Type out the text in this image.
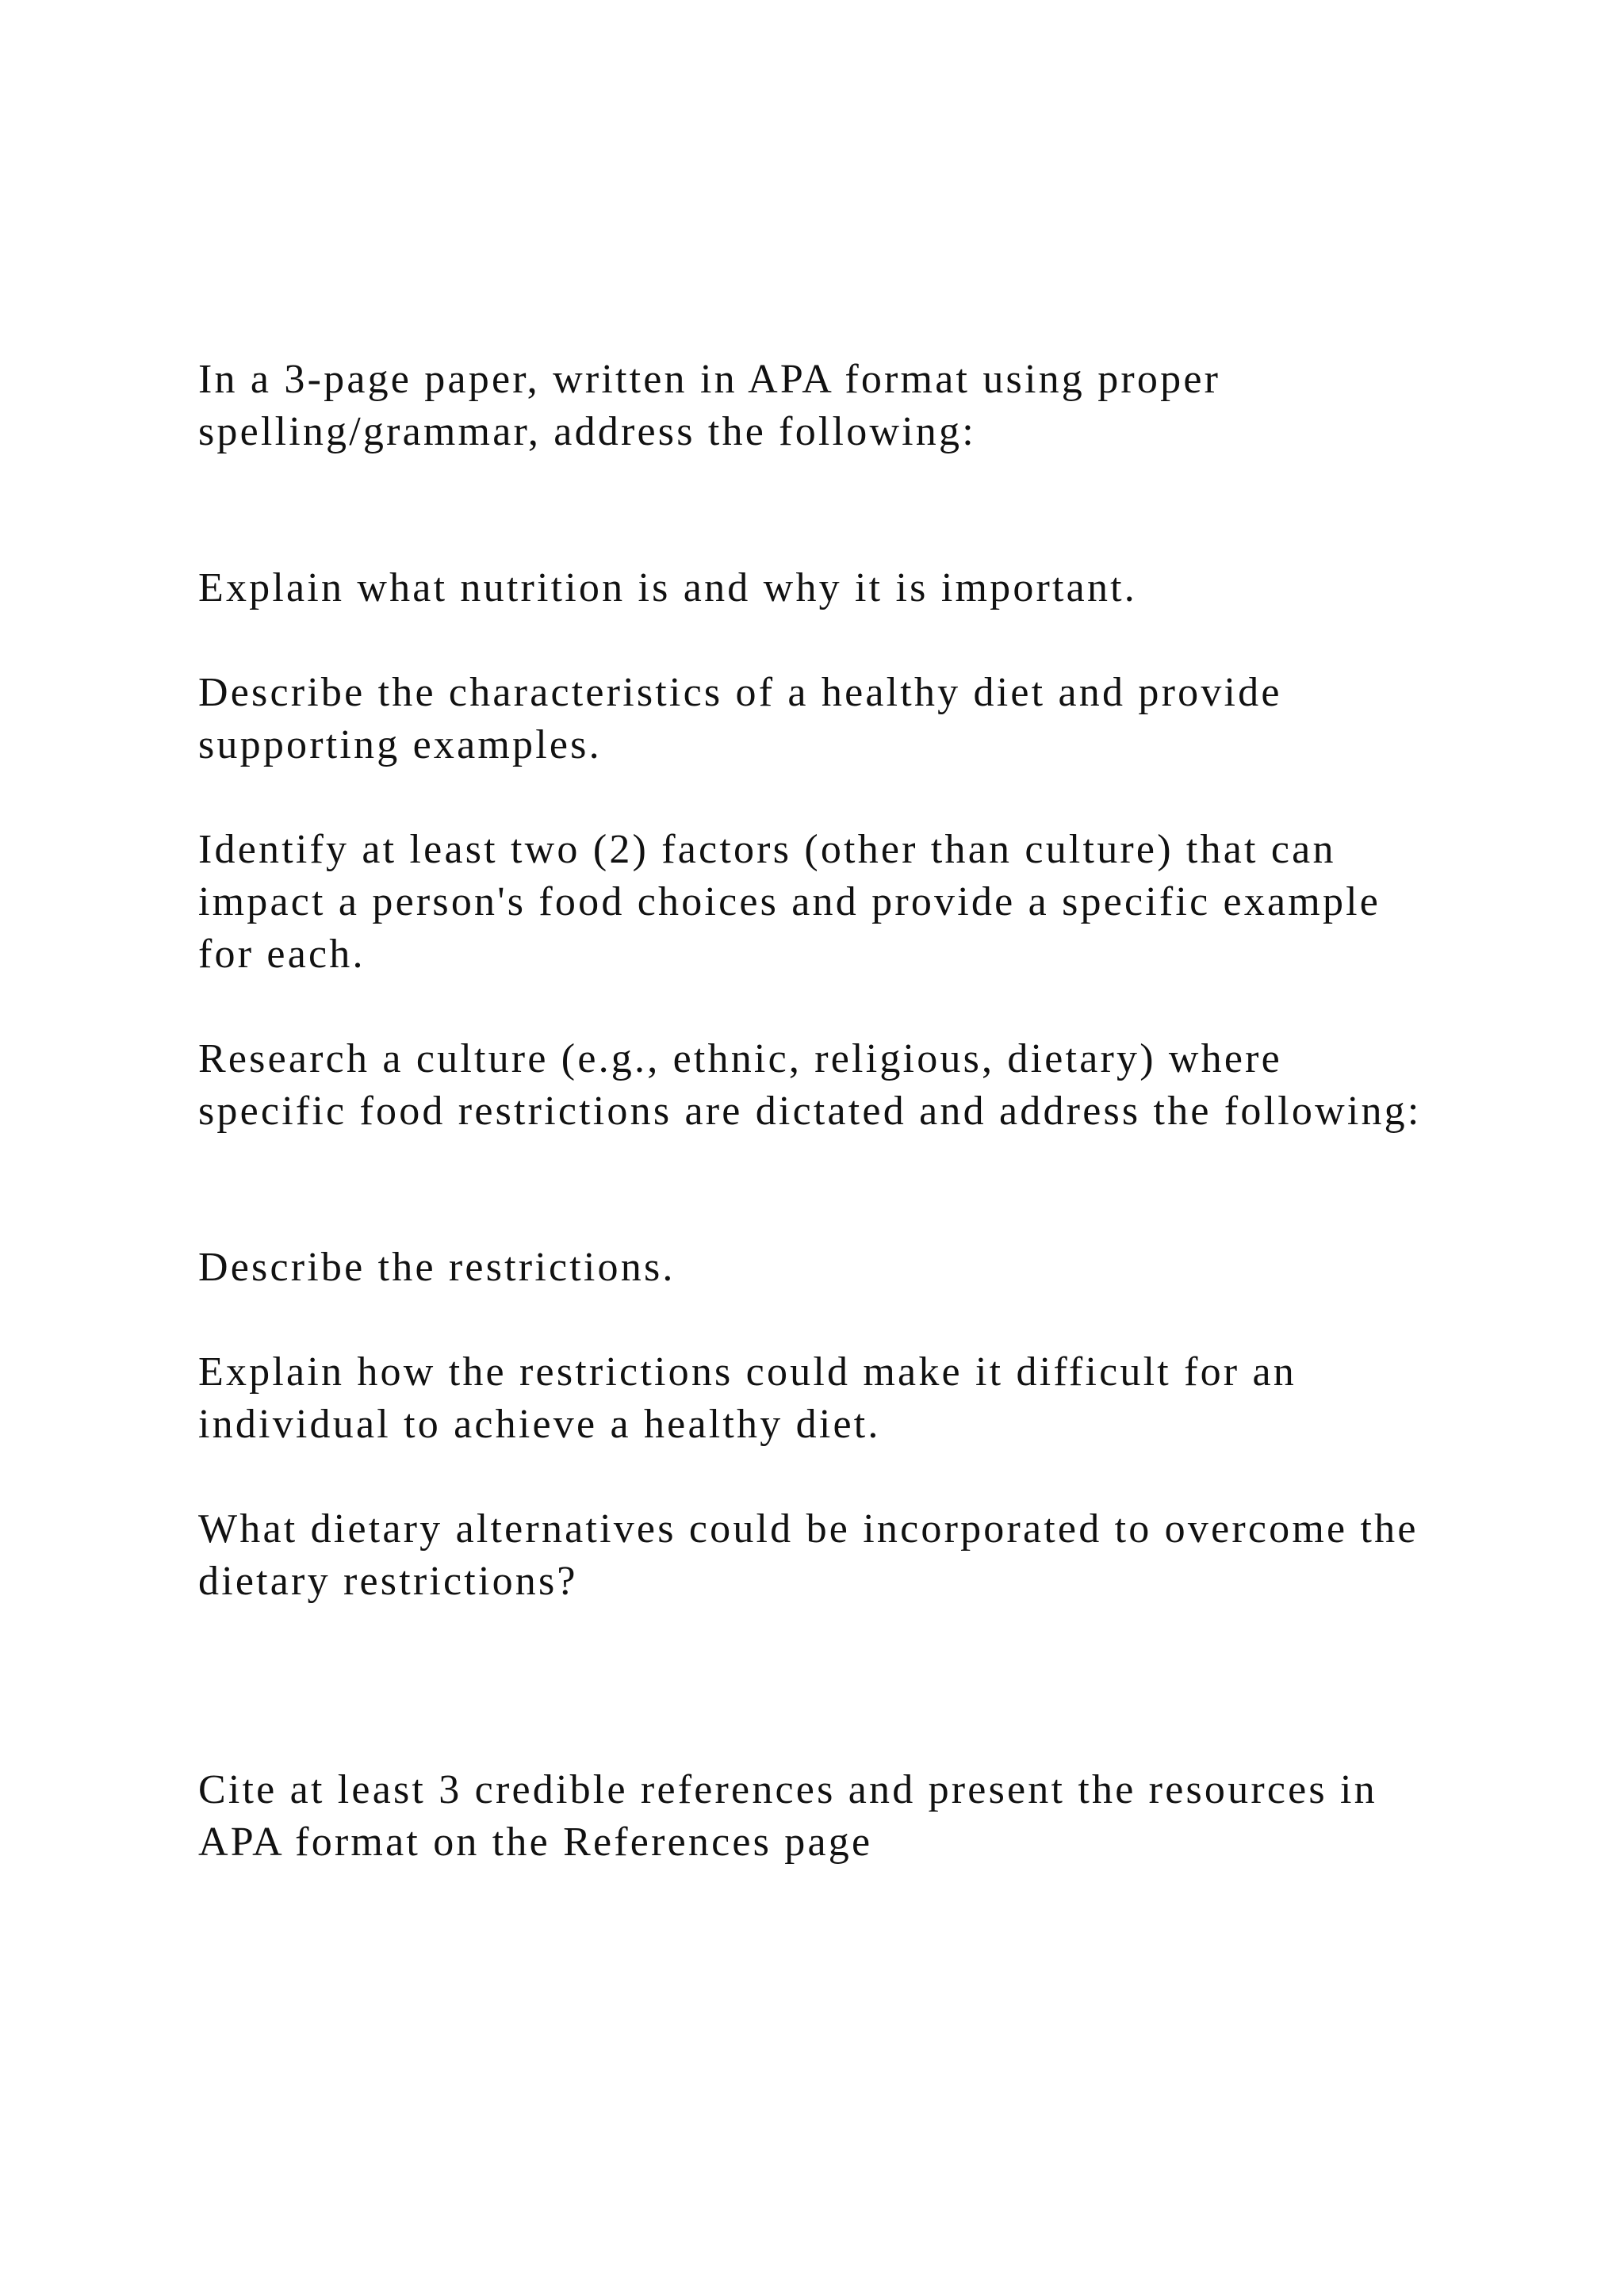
In a 3-page paper, written in APA format using proper

spelling/grammar, address the following:

Explain what nutrition is and why it is important.

Describe the characteristics of a healthy diet and provide

supporting examples.

Identify at least two (2) factors (other than culture) that can

impact a person's food choices and provide a specific example

for each.

Research a culture (e.g., ethnic, religious, dietary) where

specific food restrictions are dictated and address the following:

Describe the restrictions.

Explain how the restrictions could make it difficult for an

individual to achieve a healthy diet.

What dietary alternatives could be incorporated to overcome the

dietary restrictions?

Cite at least 3 credible references and present the resources in

APA format on the References page
